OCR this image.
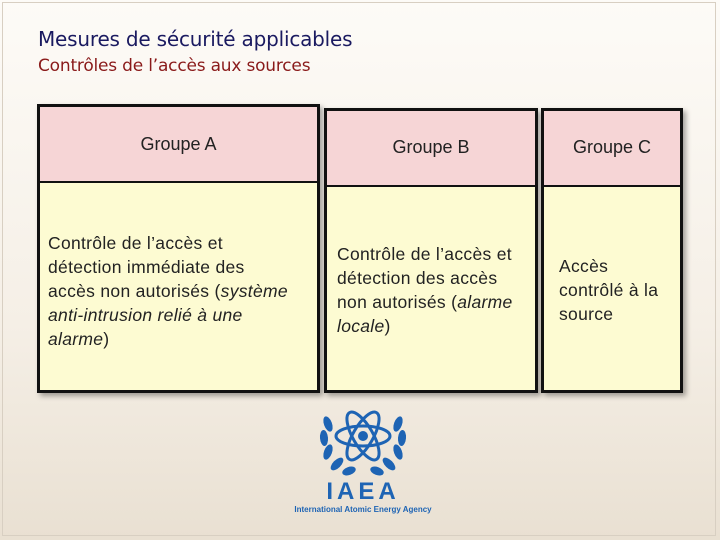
Mesures de sécurité applicables
Contrôles de l’accès aux sources
Groupe A
Contrôle de l’accès et
détection immédiate des
accès non autorisés (système
anti-intrusion relié à une
alarme)
Groupe B
Contrôle de l’accès et
détection des accès
non autorisés (alarme
locale)
Groupe C
Accès
contrôlé à la
source
IAEA
International Atomic Energy Agency
